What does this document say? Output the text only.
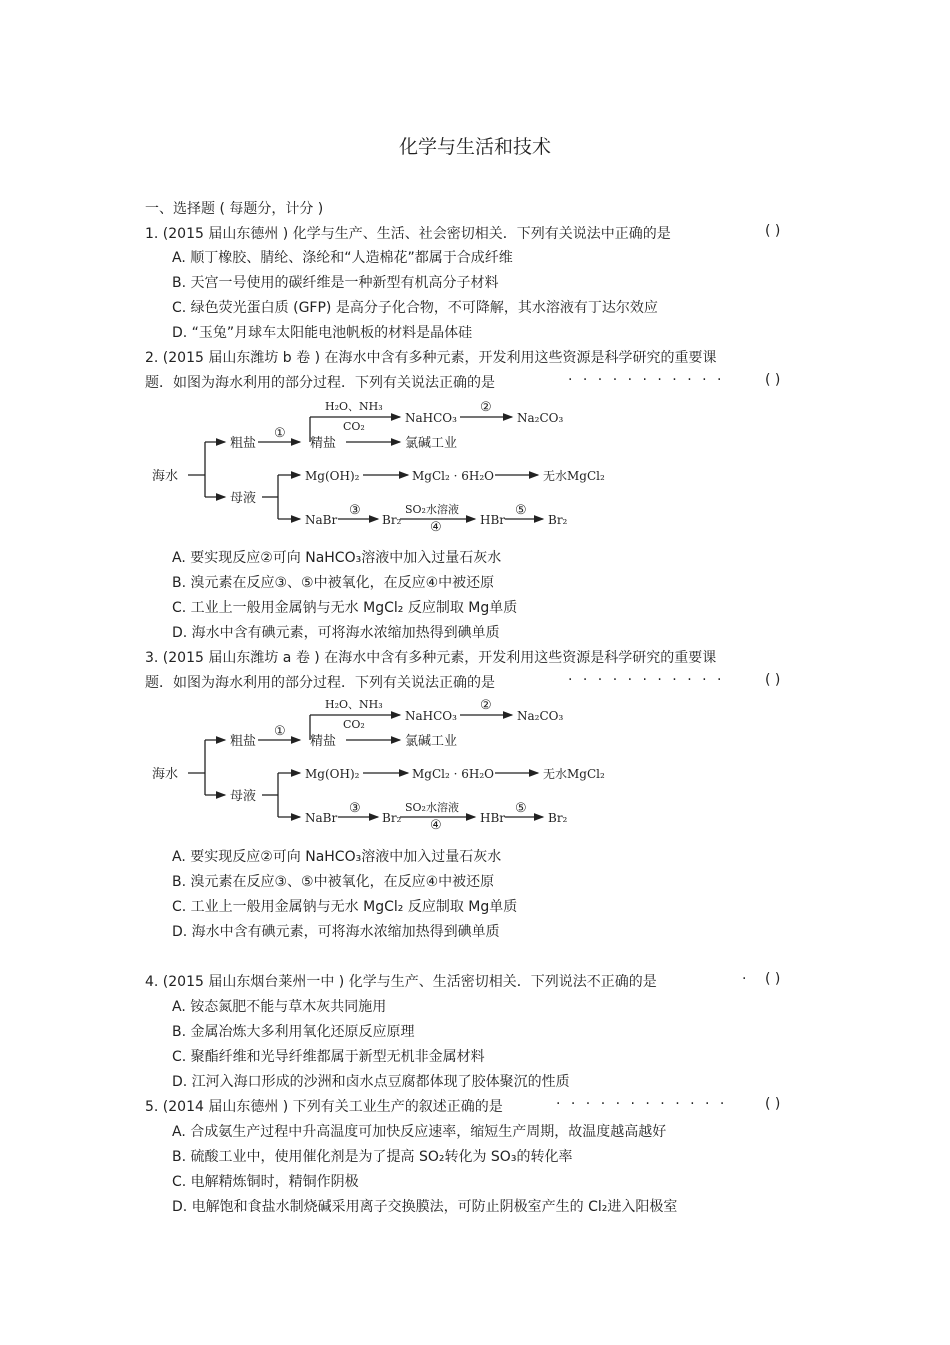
化学与生活和技术
一、选择题 ( 每题分，计分 )
1. (2015 届山东德州 ) 化学与生产、生活、社会密切相关．下列有关说法中正确的是	( )
A. 顺丁橡胶、腈纶、涤纶和“人造棉花”都属于合成纤维
B. 天宫一号使用的碳纤维是一种新型有机高分子材料
C. 绿色荧光蛋白质 (GFP) 是高分子化合物，不可降解，其水溶液有丁达尔效应
D. “玉兔”月球车太阳能电池帆板的材料是晶体硅
2. (2015 届山东潍坊 b 卷 ) 在海水中含有多种元素，开发利用这些资源是科学研究的重要课
题．如图为海水利用的部分过程．下列有关说法正确的是	· · · · · · · · · · ·	( )
海水
粗盐	精盐
母液
①
H₂O、NH₃
CO₂
NaHCO₃
②
Na₂CO₃
氯碱工业
Mg(OH)₂	MgCl₂ · 6H₂O	无水MgCl₂
NaBr
③
Br₂
SO₂水溶液
④	HBr
⑤
Br₂
A. 要实现反应②可向 NaHCO₃溶液中加入过量石灰水
B. 溴元素在反应③、⑤中被氧化，在反应④中被还原
C. 工业上一般用金属钠与无水 MgCl₂ 反应制取 Mg单质
D. 海水中含有碘元素，可将海水浓缩加热得到碘单质
3. (2015 届山东潍坊 a 卷 ) 在海水中含有多种元素，开发利用这些资源是科学研究的重要课
题．如图为海水利用的部分过程．下列有关说法正确的是	· · · · · · · · · · ·	( )
海水
粗盐	精盐
母液
①
H₂O、NH₃
CO₂
NaHCO₃
②
Na₂CO₃
氯碱工业
Mg(OH)₂	MgCl₂ · 6H₂O	无水MgCl₂
NaBr
③
Br₂
SO₂水溶液
④	HBr
⑤
Br₂
A. 要实现反应②可向 NaHCO₃溶液中加入过量石灰水
B. 溴元素在反应③、⑤中被氧化，在反应④中被还原
C. 工业上一般用金属钠与无水 MgCl₂ 反应制取 Mg单质
D. 海水中含有碘元素，可将海水浓缩加热得到碘单质
4. (2015 届山东烟台莱州一中 ) 化学与生产、生活密切相关．下列说法不正确的是	· ( )
A. 铵态氮肥不能与草木灰共同施用
B. 金属冶炼大多利用氧化还原反应原理
C. 聚酯纤维和光导纤维都属于新型无机非金属材料
D. 江河入海口形成的沙洲和卤水点豆腐都体现了胶体聚沉的性质
5. (2014 届山东德州 ) 下列有关工业生产的叙述正确的是	· · · · · · · · · · · ·	( )
A. 合成氨生产过程中升高温度可加快反应速率，缩短生产周期，故温度越高越好
B. 硫酸工业中，使用催化剂是为了提高 SO₂转化为 SO₃的转化率
C. 电解精炼铜时，精铜作阴极
D. 电解饱和食盐水制烧碱采用离子交换膜法，可防止阴极室产生的 Cl₂进入阳极室
